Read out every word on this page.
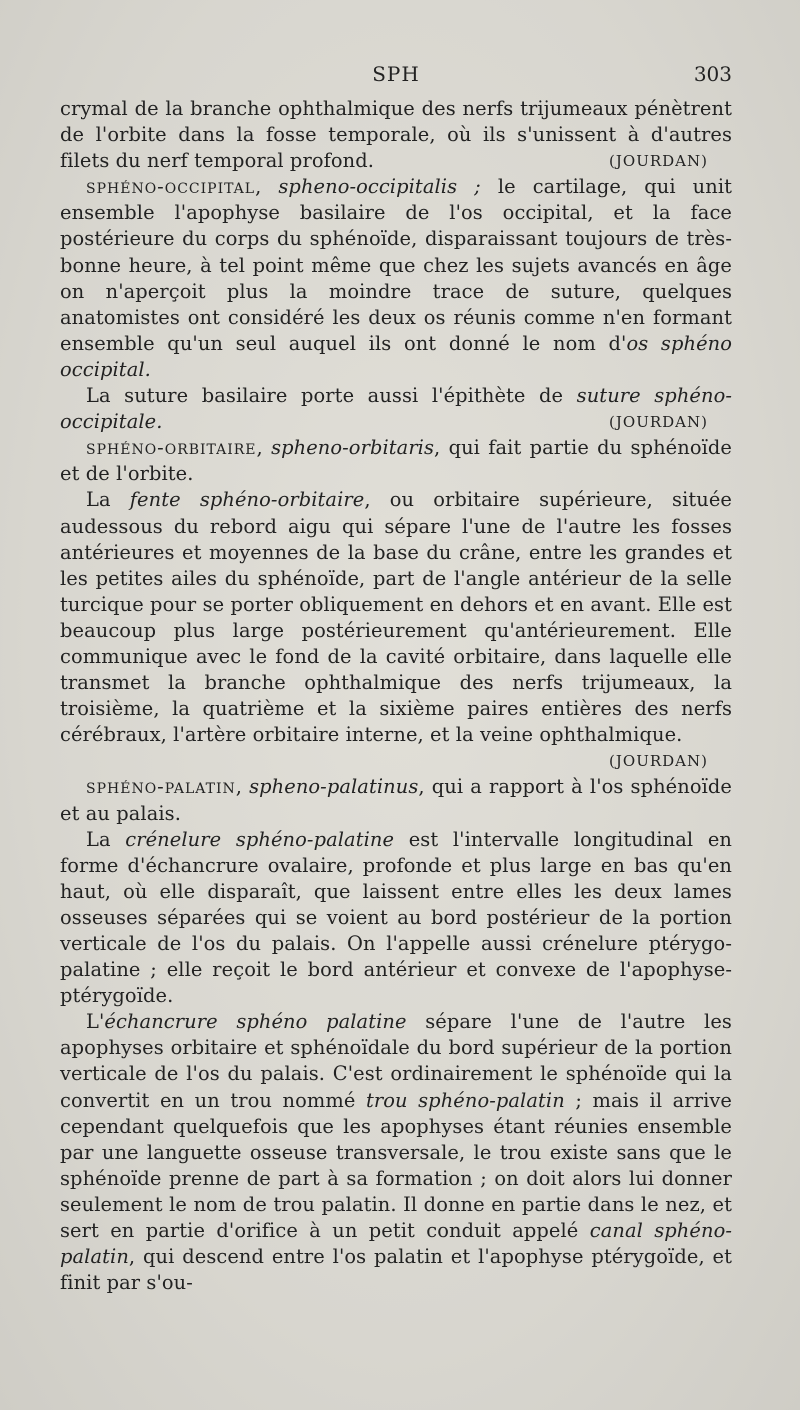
SPH	303

crymal de la branche ophthalmique des nerfs trijumeaux pénètrent de l'orbite dans la fosse temporale, où ils s'unissent à d'autres filets du nerf temporal profond.	( JOURDAN )

sphéno-occipital, spheno-occipitalis ; le cartilage, qui unit ensemble l'apophyse basilaire de l'os occipital, et la face postérieure du corps du sphénoïde, disparaissant toujours de très-bonne heure, à tel point même que chez les sujets avancés en âge on n'aperçoit plus la moindre trace de suture, quelques anatomistes ont considéré les deux os réunis comme n'en formant ensemble qu'un seul auquel ils ont donné le nom d'os sphéno occipital.

La suture basilaire porte aussi l'épithète de suture sphéno-occipitale.	( JOURDAN )

sphéno-orbitaire, spheno-orbitaris, qui fait partie du sphénoïde et de l'orbite.

La fente sphéno-orbitaire, ou orbitaire supérieure, située audessous du rebord aigu qui sépare l'une de l'autre les fosses antérieures et moyennes de la base du crâne, entre les grandes et les petites ailes du sphénoïde, part de l'angle antérieur de la selle turcique pour se porter obliquement en dehors et en avant. Elle est beaucoup plus large postérieurement qu'antérieurement. Elle communique avec le fond de la cavité orbitaire, dans laquelle elle transmet la branche ophthalmique des nerfs trijumeaux, la troisième, la quatrième et la sixième paires entières des nerfs cérébraux, l'artère orbitaire interne, et la veine ophthalmique.
( JOURDAN )

sphéno-palatin, spheno-palatinus, qui a rapport à l'os sphénoïde et au palais.

La crénelure sphéno-palatine est l'intervalle longitudinal en forme d'échancrure ovalaire, profonde et plus large en bas qu'en haut, où elle disparaît, que laissent entre elles les deux lames osseuses séparées qui se voient au bord postérieur de la portion verticale de l'os du palais. On l'appelle aussi crénelure ptérygo-palatine ; elle reçoit le bord antérieur et convexe de l'apophyse-ptérygoïde.

L'échancrure sphéno palatine sépare l'une de l'autre les apophyses orbitaire et sphénoïdale du bord supérieur de la portion verticale de l'os du palais. C'est ordinairement le sphénoïde qui la convertit en un trou nommé trou sphéno-palatin ; mais il arrive cependant quelquefois que les apophyses étant réunies ensemble par une languette osseuse transversale, le trou existe sans que le sphénoïde prenne de part à sa formation ; on doit alors lui donner seulement le nom de trou palatin. Il donne en partie dans le nez, et sert en partie d'orifice à un petit conduit appelé canal sphéno-palatin, qui descend entre l'os palatin et l'apophyse ptérygoïde, et finit par s'ou-
